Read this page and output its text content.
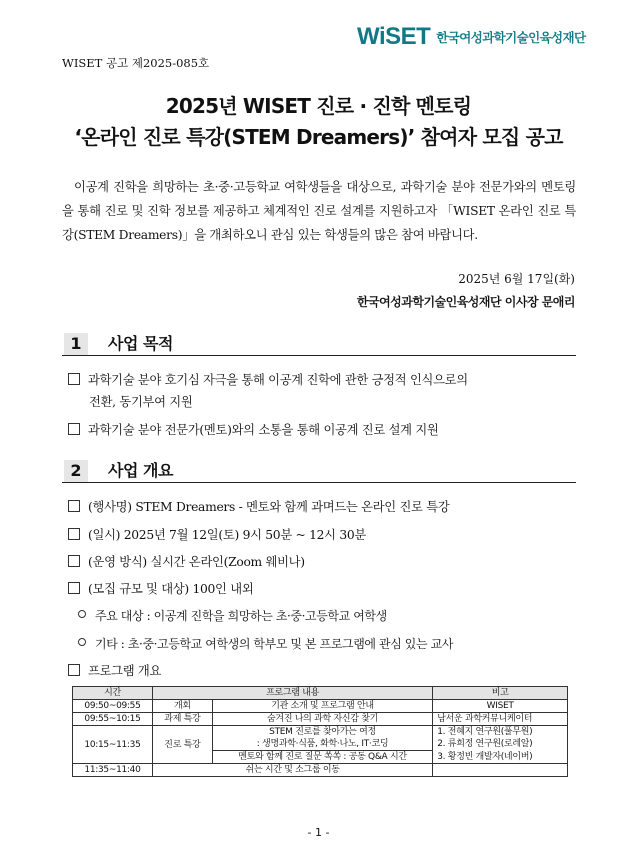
WiSET 한국여성과학기술인육성재단
WISET 공고 제2025-085호
2025년 WISET 진로 · 진학 멘토링
‘온라인 진로 특강(STEM Dreamers)’ 참여자 모집 공고
이공계 진학을 희망하는 초·중·고등학교 여학생들을 대상으로, 과학기술 분야 전문가와의 멘토링을 통해 진로 및 진학 정보를 제공하고 체계적인 진로 설계를 지원하고자 「WISET 온라인 진로 특강(STEM Dreamers)」을 개최하오니 관심 있는 학생들의 많은 참여 바랍니다.
2025년 6월 17일(화)
한국여성과학기술인육성재단 이사장 문애리
1	사업 목적
과학기술 분야 호기심 자극을 통해 이공계 진학에 관한 긍정적 인식으로의
전환, 동기부여 지원
과학기술 분야 전문가(멘토)와의 소통을 통해 이공계 진로 설계 지원
2	사업 개요
(행사명) STEM Dreamers - 멘토와 함께 과며드는 온라인 진로 특강
(일시) 2025년 7월 12일(토) 9시 50분 ~ 12시 30분
(운영 방식) 실시간 온라인(Zoom 웨비나)
(모집 규모 및 대상) 100인 내외
주요 대상 : 이공계 진학을 희망하는 초·중·고등학교 여학생
기타 : 초·중·고등학교 여학생의 학부모 및 본 프로그램에 관심 있는 교사
프로그램 개요
시간	프로그램 내용		비고
09:50~09:55	개회	기관 소개 및 프로그램 안내	WISET
09:55~10:15	과제 특강	숨겨진 나의 과학 자신감 찾기	남서운 과학커뮤니케이터
10:15~11:35	진로 특강	STEM 진로를 찾아가는 여정	1. 전혜지 연구원(풀무원)
		: 생명과학·식품, 화학·나노, IT·코딩	2. 류희정 연구원(로레알)
		멘토와 함께 진로 질문 쏙쏙 : 공동 Q&A 시간	3. 황정빈 개발자(네이버)
11:35~11:40	쉬는 시간 및 소그룹 이동		
- 1 -
